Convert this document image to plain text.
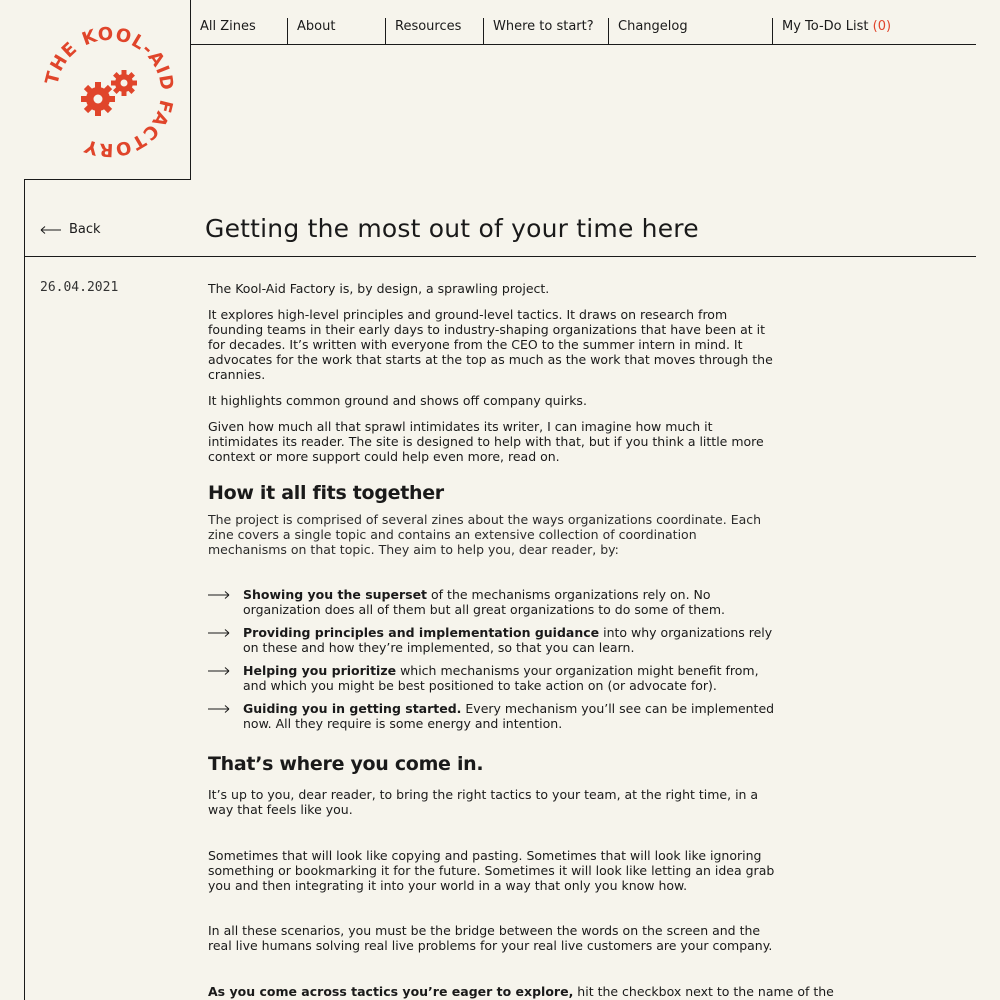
THE KOOL-AID FACTORY
All Zines	About	Resources	Where to start?	Changelog	My To-Do List (0)
Back	Getting the most out of your time here
26.04.2021	The Kool-Aid Factory is, by design, a sprawling project.

It explores high-level principles and ground-level tactics. It draws on research from founding teams in their early days to industry-shaping organizations that have been at it for decades. It’s written with everyone from the CEO to the summer intern in mind. It advocates for the work that starts at the top as much as the work that moves through the crannies.

It highlights common ground and shows off company quirks.

Given how much all that sprawl intimidates its writer, I can imagine how much it intimidates its reader. The site is designed to help with that, but if you think a little more context or more support could help even more, read on.

How it all fits together

The project is comprised of several zines about the ways organizations coordinate. Each zine covers a single topic and contains an extensive collection of coordination mechanisms on that topic. They aim to help you, dear reader, by:

Showing you the superset of the mechanisms organizations rely on. No organization does all of them but all great organizations to do some of them.
Providing principles and implementation guidance into why organizations rely on these and how they’re implemented, so that you can learn.
Helping you prioritize which mechanisms your organization might benefit from, and which you might be best positioned to take action on (or advocate for).
Guiding you in getting started. Every mechanism you’ll see can be implemented now. All they require is some energy and intention.
That’s where you come in.

It’s up to you, dear reader, to bring the right tactics to your team, at the right time, in a way that feels like you.

Sometimes that will look like copying and pasting. Sometimes that will look like ignoring something or bookmarking it for the future. Sometimes it will look like letting an idea grab you and then integrating it into your world in a way that only you know how.

In all these scenarios, you must be the bridge between the words on the screen and the real live humans solving real live problems for your real live customers are your company.

As you come across tactics you’re eager to explore, hit the checkbox next to the name of the
